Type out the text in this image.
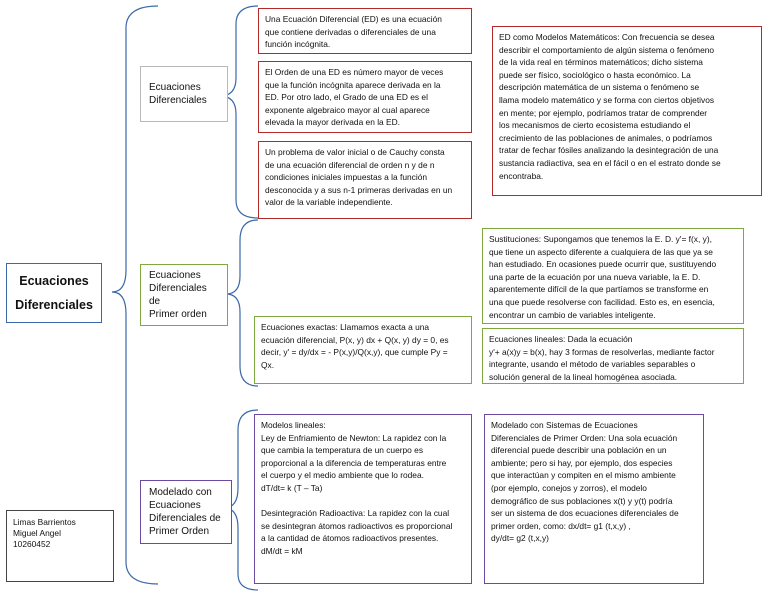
Ecuaciones
Diferenciales
Ecuaciones
Diferenciales
Ecuaciones
Diferenciales de
Primer orden
Modelado con
Ecuaciones
Diferenciales de
Primer Orden
Una Ecuación Diferencial (ED) es una ecuación
que contiene derivadas o diferenciales de una
función incógnita.
El Orden de una ED es número mayor de veces
que la función incógnita aparece derivada en la
ED. Por otro lado, el Grado de una ED es el
exponente algebraico mayor al cual aparece
elevada la mayor derivada en la ED.
Un problema de valor inicial o de Cauchy consta
de una ecuación diferencial de orden n y de n
condiciones iniciales impuestas a la función
desconocida y a sus n-1 primeras derivadas en un
valor de la variable independiente.
ED como Modelos Matemáticos: Con frecuencia se desea
describir el comportamiento de algún sistema o fenómeno
de la vida real en términos matemáticos; dicho sistema
puede ser físico, sociológico o hasta económico. La
descripción matemática de un sistema o fenómeno se
llama modelo matemático y se forma con ciertos objetivos
en mente; por ejemplo, podríamos tratar de comprender
los mecanismos de cierto ecosistema estudiando el
crecimiento de las poblaciones de animales, o podríamos
tratar de fechar fósiles analizando la desintegración de una
sustancia radiactiva, sea en el fácil o en el estrato donde se
encontraba.
Sustituciones: Supongamos que tenemos la E. D. y'= f(x, y),
que tiene un aspecto diferente a cualquiera de las que ya se
han estudiado. En ocasiones puede ocurrir que, sustituyendo
una parte de la ecuación por una nueva variable, la E. D.
aparentemente difícil de la que partíamos se transforme en
una que puede resolverse con facilidad. Esto es, en esencia,
encontrar un cambio de variables inteligente.
Ecuaciones exactas: Llamamos exacta a una
ecuación diferencial, P(x, y) dx + Q(x, y) dy = 0, es
decir, y' = dy/dx = - P(x,y)/Q(x,y), que cumple Py =
Qx.
Ecuaciones lineales: Dada la ecuación
y'+ a(x)y = b(x), hay 3 formas de resolverlas, mediante factor
integrante, usando el método de variables separables o
solución general de la lineal homogénea asociada.
Modelos lineales:
Ley de Enfriamiento de Newton: La rapidez con la
que cambia la temperatura de un cuerpo es
proporcional a la diferencia de temperaturas entre
el cuerpo y el medio ambiente que lo rodea.
dT/dt= k (T – Ta)

Desintegración Radioactiva: La rapidez con la cual
se desintegran átomos radioactivos es proporcional
a la cantidad de átomos radioactivos presentes.
dM/dt = kM
Modelado con Sistemas de Ecuaciones
Diferenciales de Primer Orden: Una sola ecuación
diferencial puede describir una población en un
ambiente; pero si hay, por ejemplo, dos especies
que interactúan y compiten en el mismo ambiente
(por ejemplo, conejos y zorros), el modelo
demográfico de sus poblaciones x(t) y y(t) podría
ser un sistema de dos ecuaciones diferenciales de
primer orden, como: dx/dt= g1 (t,x,y) ,
dy/dt= g2 (t,x,y)
Limas Barrientos
Miguel Angel
10260452
